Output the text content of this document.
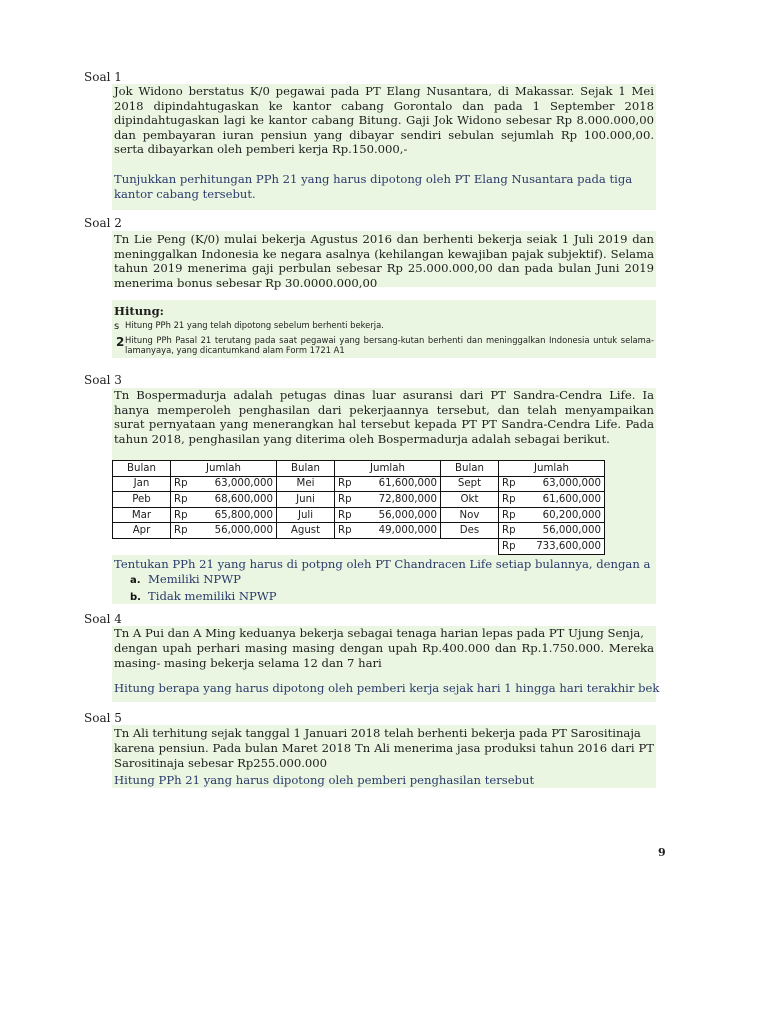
Soal 1

Jok Widono berstatus K/0 pegawai pada PT Elang Nusantara, di Makassar. Sejak 1 Mei 2018 dipindahtugaskan ke kantor cabang Gorontalo dan pada 1 September 2018 dipindahtugaskan lagi ke kantor cabang Bitung. Gaji Jok Widono sebesar Rp 8.000.000,00 dan pembayaran iuran pensiun yang dibayar sendiri sebulan sejumlah Rp 100.000,00. serta dibayarkan oleh pemberi kerja Rp.150.000,-

Tunjukkan perhitungan PPh 21 yang harus dipotong oleh PT Elang Nusantara pada tiga kantor cabang tersebut.

Soal 2

Tn Lie Peng (K/0) mulai bekerja Agustus 2016 dan berhenti bekerja seiak 1 Juli 2019 dan meninggalkan Indonesia ke negara asalnya (kehilangan kewajiban pajak subjektif). Selama tahun 2019 menerima gaji perbulan sebesar Rp 25.000.000,00 dan pada bulan Juni 2019 menerima bonus sebesar Rp 30.0000.000,00

Hitung:
s Hitung PPh 21 yang telah dipotong sebelum berhenti bekerja.
2 Hitung PPh Pasal 21 terutang pada saat pegawai yang bersang-kutan berhenti dan meninggalkan Indonesia untuk selama-lamanyaya, yang dicantumkand alam Form 1721 A1
Soal 3

Tn Bospermadurja adalah petugas dinas luar asuransi dari PT Sandra-Cendra Life. Ia hanya memperoleh penghasilan dari pekerjaannya tersebut, dan telah menyampaikan surat pernyataan yang menerangkan hal tersebut kepada PT PT Sandra-Cendra Life. Pada tahun 2018, penghasilan yang diterima oleh Bospermadurja adalah sebagai berikut.

Bulan	Jumlah	Bulan	Jumlah	Bulan	Jumlah
Jan	Rp 63,000,000	Mei	Rp 61,600,000	Sept	Rp 63,000,000

Peb	Rp 68,600,000	Juni	Rp 72,800,000	Okt	Rp 61,600,000

Mar	Rp 65,800,000	Juli	Rp 56,000,000	Nov	Rp 60,200,000

Apr	Rp 56,000,000	Agust	Rp 49,000,000	Des	Rp 56,000,000

					Rp 733,600,000

Tentukan PPh 21 yang harus di potpng oleh PT Chandracen Life setiap bulannya, dengan a

a. Memiliki NPWP
b. Tidak memiliki NPWP
Soal 4

Tn A Pui dan A Ming keduanya bekerja sebagai tenaga harian lepas pada PT Ujung Senja,

dengan upah perhari masing masing dengan upah Rp.400.000 dan Rp.1.750.000. Mereka masing- masing bekerja selama 12 dan 7 hari

Hitung berapa yang harus dipotong oleh pemberi kerja sejak hari 1 hingga hari terakhir bek

Soal 5

Tn Ali terhitung sejak tanggal 1 Januari 2018 telah berhenti bekerja pada PT Sarositinaja

karena pensiun. Pada bulan Maret 2018 Tn Ali menerima jasa produksi tahun 2016 dari PT Sarositinaja sebesar Rp255.000.000

Hitung PPh 21 yang harus dipotong oleh pemberi penghasilan tersebut

9
